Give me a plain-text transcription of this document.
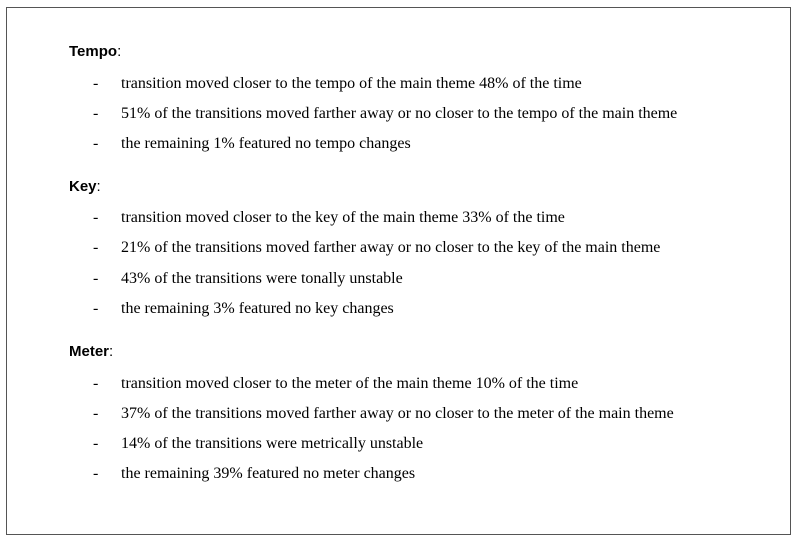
Tempo:
- transition moved closer to the tempo of the main theme 48% of the time
- 51% of the transitions moved farther away or no closer to the tempo of the main theme
- the remaining 1% featured no tempo changes
Key:
- transition moved closer to the key of the main theme 33% of the time
- 21% of the transitions moved farther away or no closer to the key of the main theme
- 43% of the transitions were tonally unstable
- the remaining 3% featured no key changes
Meter:
- transition moved closer to the meter of the main theme 10% of the time
- 37% of the transitions moved farther away or no closer to the meter of the main theme
- 14% of the transitions were metrically unstable
- the remaining 39% featured no meter changes
